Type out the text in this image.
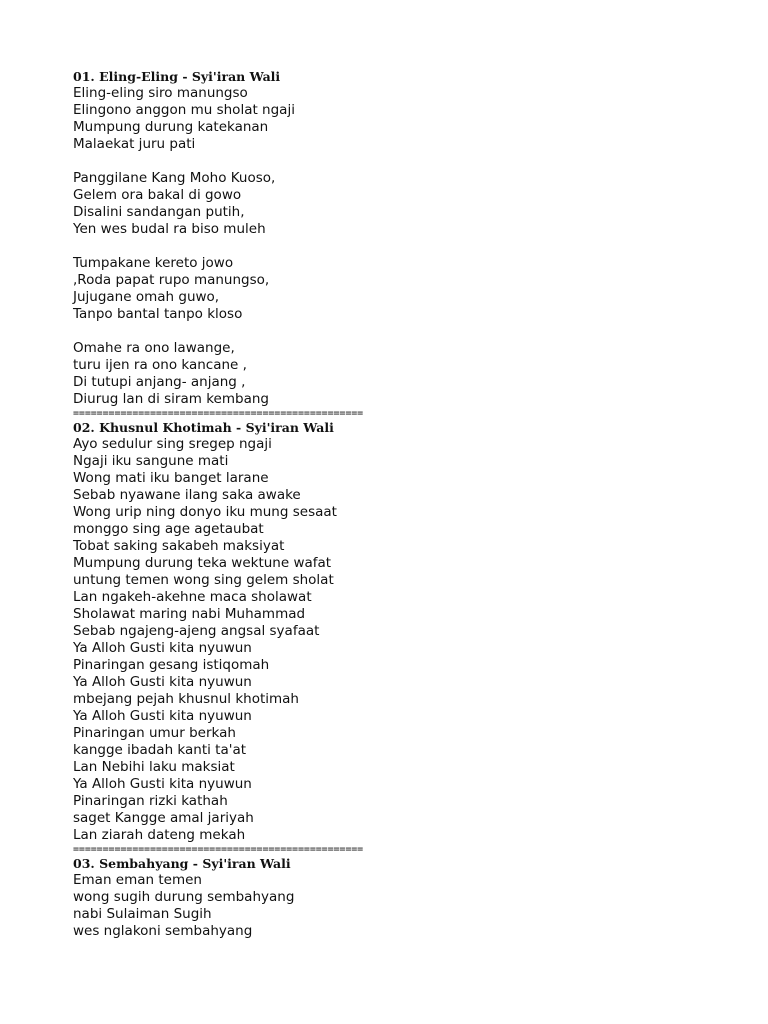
01. Eling-Eling - Syi'iran Wali
Eling-eling siro manungso
Elingono anggon mu sholat ngaji
Mumpung durung katekanan
Malaekat juru pati
Panggilane Kang Moho Kuoso,
Gelem ora bakal di gowo
Disalini sandangan putih,
Yen wes budal ra biso muleh
Tumpakane kereto jowo
,Roda papat rupo manungso,
Jujugane omah guwo,
Tanpo bantal tanpo kloso
Omahe ra ono lawange,
turu ijen ra ono kancane ,
Di tutupi anjang- anjang ,
Diurug lan di siram kembang
=================================================
02. Khusnul Khotimah - Syi'iran Wali
Ayo sedulur sing sregep ngaji
Ngaji iku sangune mati
Wong mati iku banget larane
Sebab nyawane ilang saka awake
Wong urip ning donyo iku mung sesaat
monggo sing age agetaubat
Tobat saking sakabeh maksiyat
Mumpung durung teka wektune wafat
untung temen wong sing gelem sholat
Lan ngakeh-akehne maca sholawat
Sholawat maring nabi Muhammad
Sebab ngajeng-ajeng angsal syafaat
Ya Alloh Gusti kita nyuwun
Pinaringan gesang istiqomah
Ya Alloh Gusti kita nyuwun
mbejang pejah khusnul khotimah
Ya Alloh Gusti kita nyuwun
Pinaringan umur berkah
kangge ibadah kanti ta'at
Lan Nebihi laku maksiat
Ya Alloh Gusti kita nyuwun
Pinaringan rizki kathah
saget Kangge amal jariyah
Lan ziarah dateng mekah
=================================================
03. Sembahyang - Syi'iran Wali
Eman eman temen
wong sugih durung sembahyang
nabi Sulaiman Sugih
wes nglakoni sembahyang
